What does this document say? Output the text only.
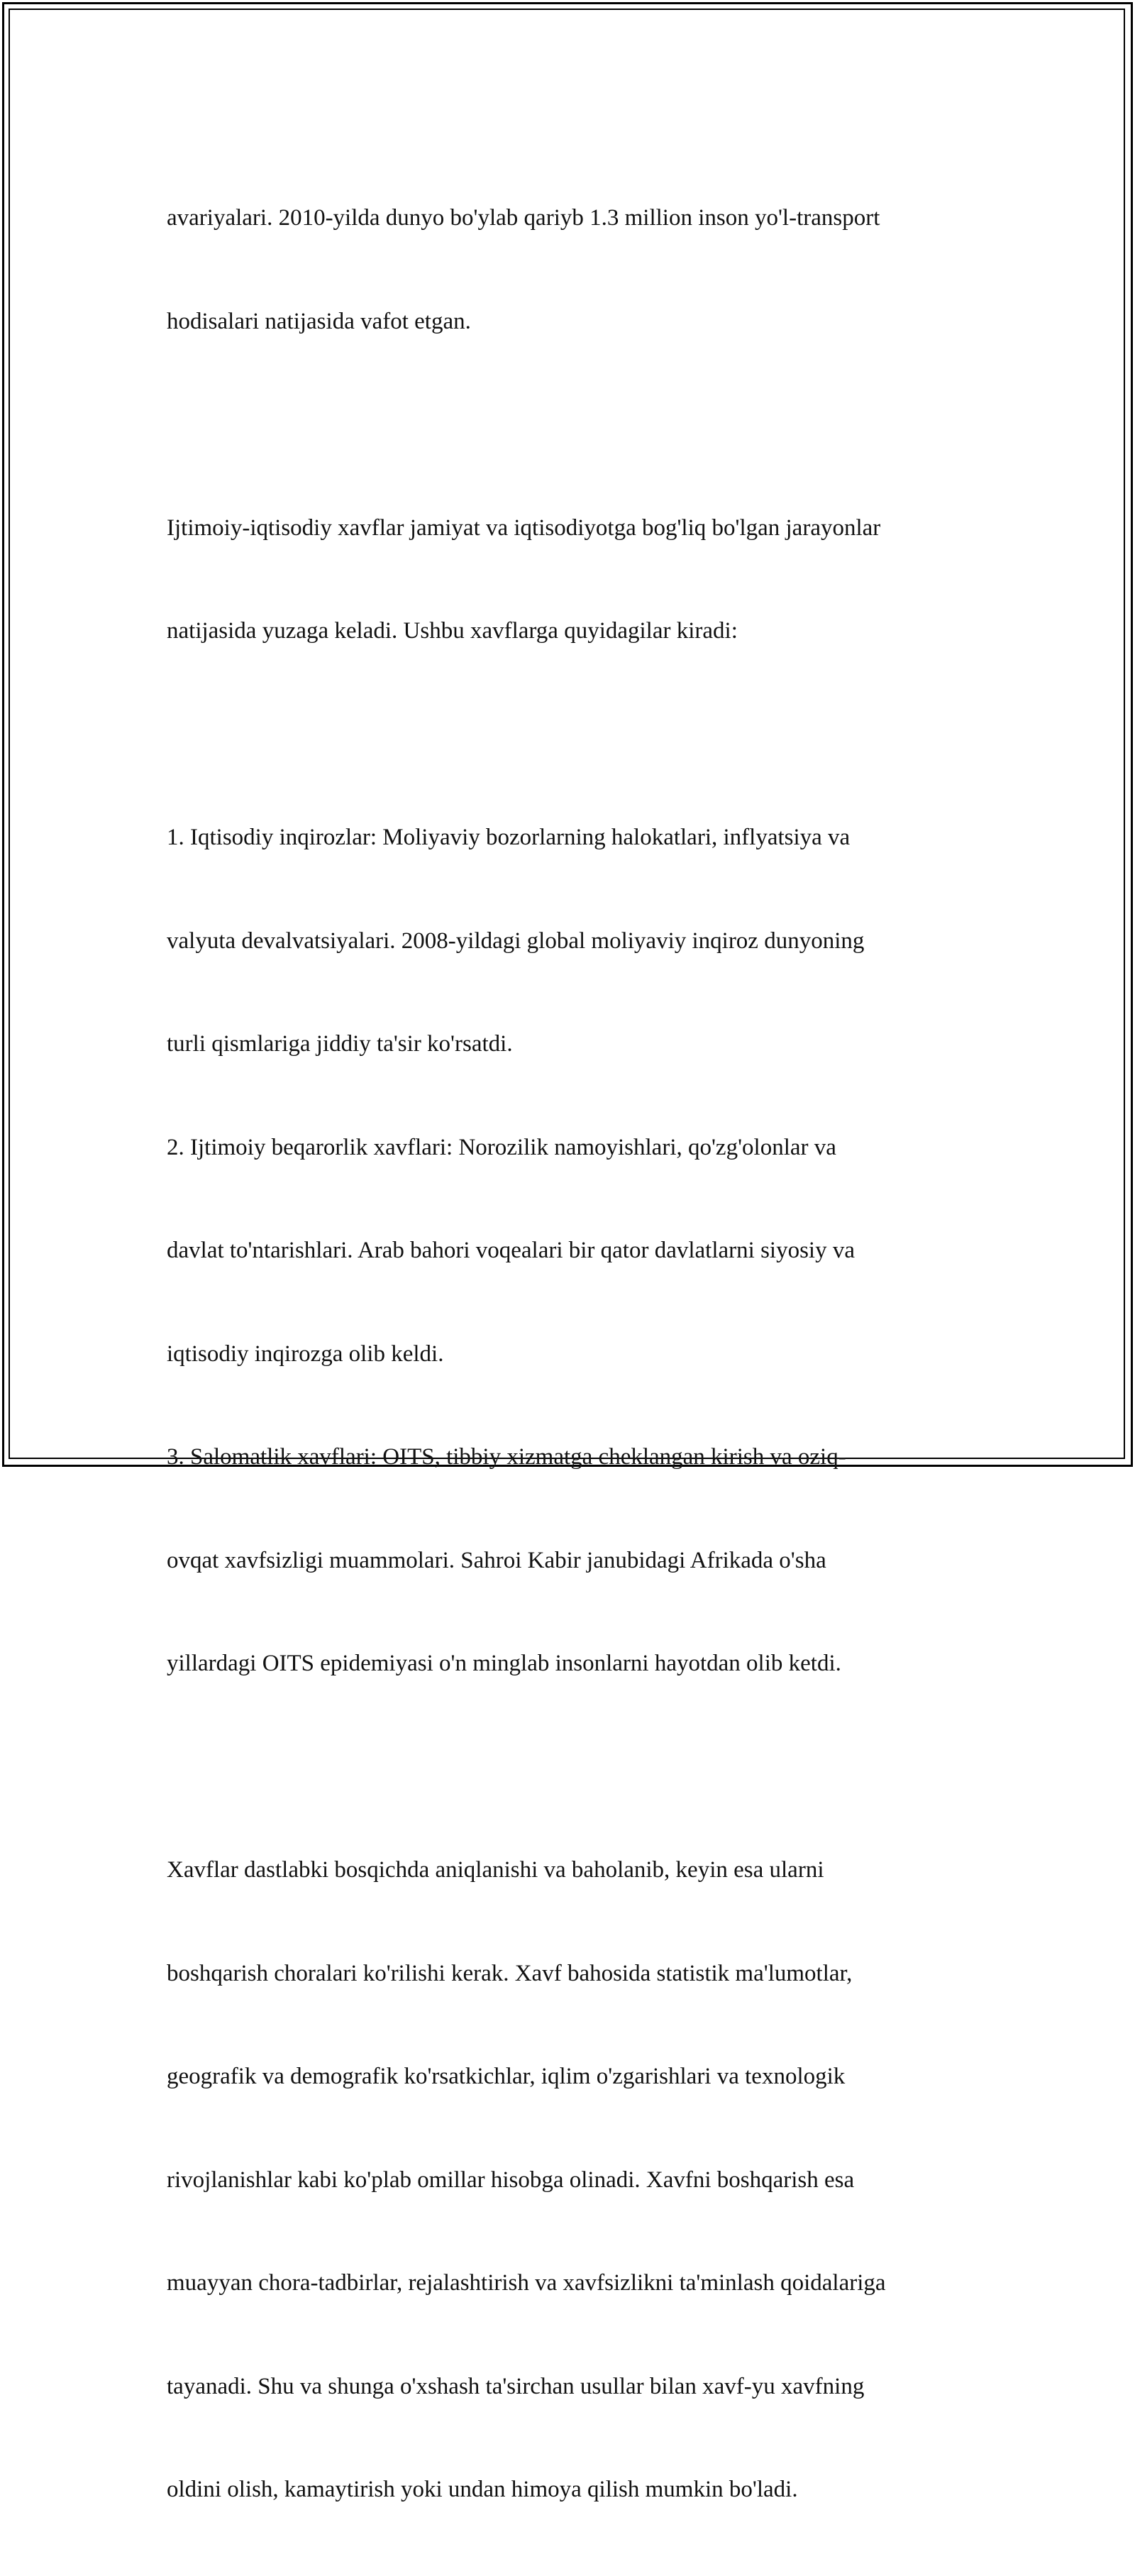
avariyalari. 2010-yilda dunyo bo'ylab qariyb 1.3 million inson yo'l-transport

hodisalari natijasida vafot etgan.

Ijtimoiy-iqtisodiy xavflar jamiyat va iqtisodiyotga bog'liq bo'lgan jarayonlar

natijasida yuzaga keladi. Ushbu xavflarga quyidagilar kiradi:

1. Iqtisodiy inqirozlar: Moliyaviy bozorlarning halokatlari, inflyatsiya va

valyuta devalvatsiyalari. 2008-yildagi global moliyaviy inqiroz dunyoning

turli qismlariga jiddiy ta'sir ko'rsatdi.

2. Ijtimoiy beqarorlik xavflari: Norozilik namoyishlari, qo'zg'olonlar va

davlat to'ntarishlari. Arab bahori voqealari bir qator davlatlarni siyosiy va

iqtisodiy inqirozga olib keldi.

3. Salomatlik xavflari: OITS, tibbiy xizmatga cheklangan kirish va oziq-

ovqat xavfsizligi muammolari. Sahroi Kabir janubidagi Afrikada o'sha

yillardagi OITS epidemiyasi o'n minglab insonlarni hayotdan olib ketdi.

Xavflar dastlabki bosqichda aniqlanishi va baholanib, keyin esa ularni

boshqarish choralari ko'rilishi kerak. Xavf bahosida statistik ma'lumotlar,

geografik va demografik ko'rsatkichlar, iqlim o'zgarishlari va texnologik

rivojlanishlar kabi ko'plab omillar hisobga olinadi. Xavfni boshqarish esa

muayyan chora-tadbirlar, rejalashtirish va xavfsizlikni ta'minlash qoidalariga

tayanadi. Shu va shunga o'xshash ta'sirchan usullar bilan xavf-yu xavfning

oldini olish, kamaytirish yoki undan himoya qilish mumkin bo'ladi.
